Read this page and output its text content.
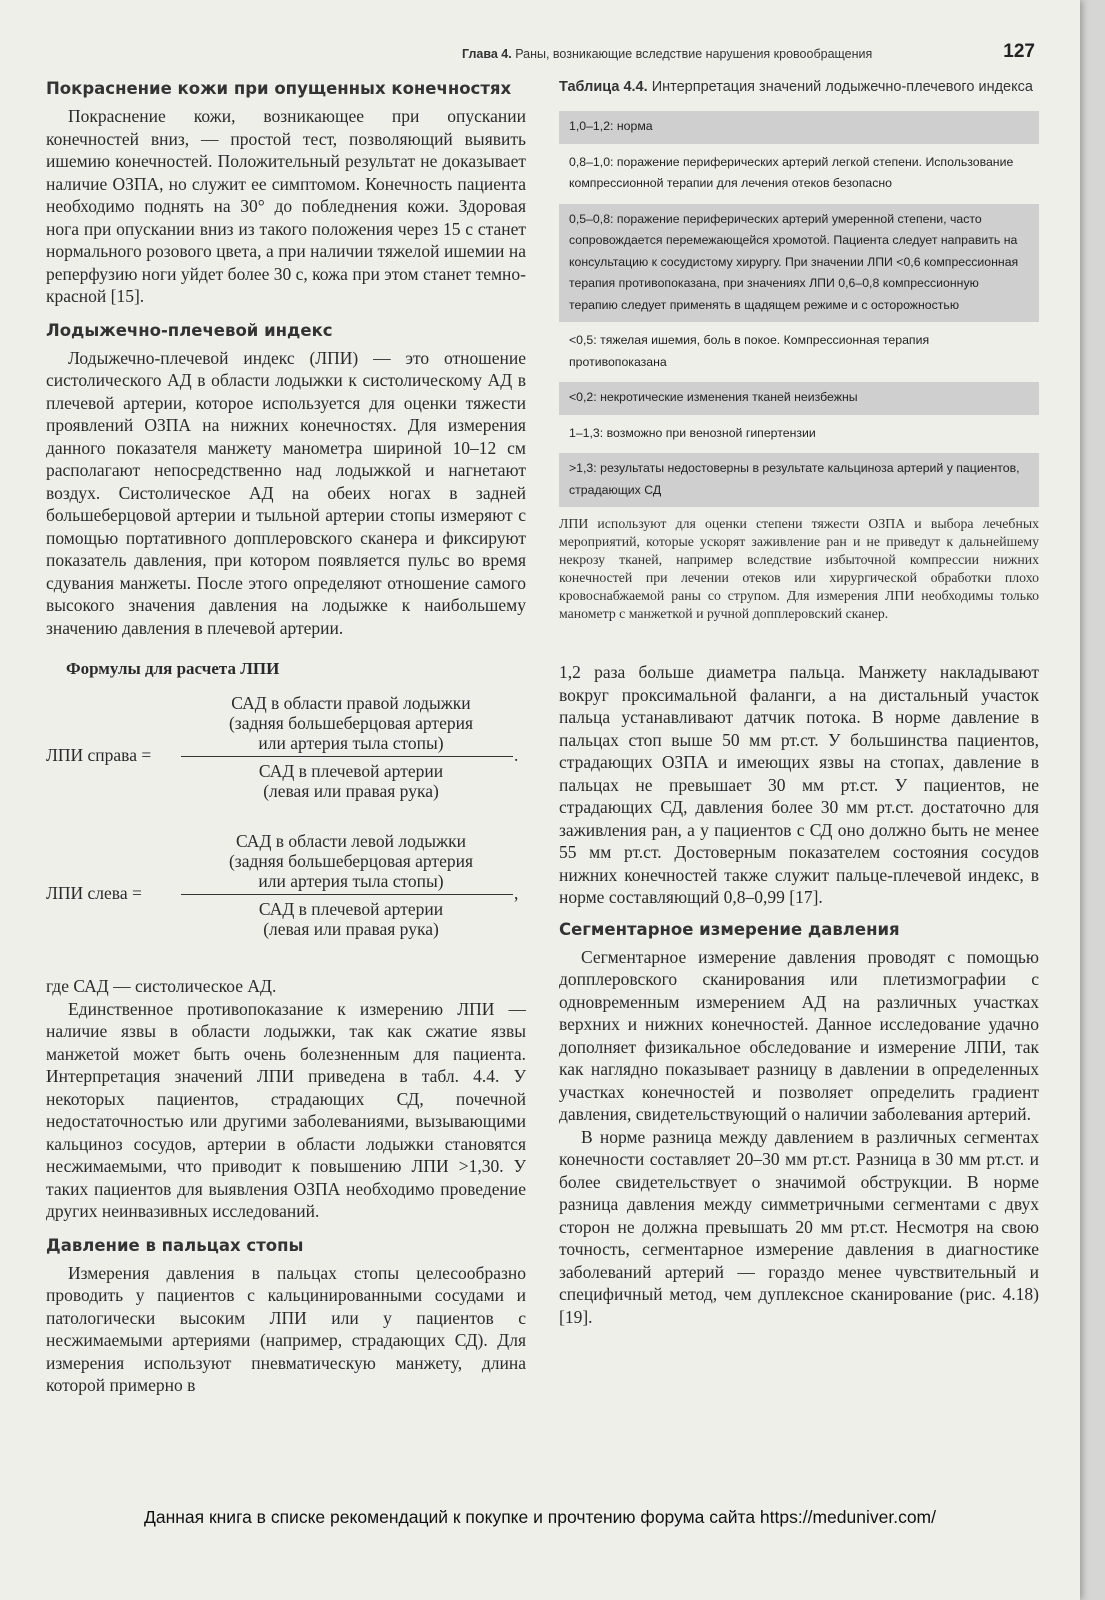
Глава 4. Раны, возникающие вследствие нарушения кровообращения	127
Покраснение кожи при опущенных конечностях

Покраснение кожи, возникающее при опускании конечностей вниз, — простой тест, позволяющий выявить ишемию конечностей. Положительный результат не доказывает наличие ОЗПА, но служит ее симптомом. Конечность пациента необходимо поднять на 30° до побледнения кожи. Здоровая нога при опускании вниз из такого положения через 15 с станет нормального розового цвета, а при наличии тяжелой ишемии на реперфузию ноги уйдет более 30 с, кожа при этом станет темно-красной [15].

Лодыжечно-плечевой индекс

Лодыжечно-плечевой индекс (ЛПИ) — это отношение систолического АД в области лодыжки к систолическому АД в плечевой артерии, которое используется для оценки тяжести проявлений ОЗПА на нижних конечностях. Для измерения данного показателя манжету манометра шириной 10–12 см располагают непосредственно над лодыжкой и нагнетают воздух. Систолическое АД на обеих ногах в задней большеберцовой артерии и тыльной артерии стопы измеряют с помощью портативного допплеровского сканера и фиксируют показатель давления, при котором появляется пульс во время сдувания манжеты. После этого определяют отношение самого высокого значения давления на лодыжке к наибольшему значению давления в плечевой артерии.

Формулы для расчета ЛПИ
САД в области правой лодыжки
(задняя большеберцовая артерия
или артерия тыла стопы)
ЛПИ справа =	.
САД в плечевой артерии
(левая или правая рука)
САД в области левой лодыжки
(задняя большеберцовая артерия
или артерия тыла стопы)
ЛПИ слева =	,
САД в плечевой артерии
(левая или правая рука)

где САД — систолическое АД.

Единственное противопоказание к измерению ЛПИ — наличие язвы в области лодыжки, так как сжатие язвы манжетой может быть очень болезненным для пациента. Интерпретация значений ЛПИ приведена в табл. 4.4. У некоторых пациентов, страдающих СД, почечной недостаточностью или другими заболеваниями, вызывающими кальциноз сосудов, артерии в области лодыжки становятся несжимаемыми, что приводит к повышению ЛПИ >1,30. У таких пациентов для выявления ОЗПА необходимо проведение других неинвазивных исследований.

Давление в пальцах стопы

Измерения давления в пальцах стопы целесообразно проводить у пациентов с кальцинированными сосудами и патологически высоким ЛПИ или у пациентов с несжимаемыми артериями (например, страдающих СД). Для измерения используют пневматическую манжету, длина которой примерно в

Таблица 4.4. Интерпретация значений лодыжечно-плечевого индекса
1,0–1,2: норма
0,8–1,0: поражение периферических артерий легкой степени. Использование компрессионной терапии для лечения отеков безопасно
0,5–0,8: поражение периферических артерий умеренной степени, часто сопровождается перемежающейся хромотой. Пациента следует направить на консультацию к сосудистому хирургу. При значении ЛПИ <0,6 компрессионная терапия противопоказана, при значениях ЛПИ 0,6–0,8 компрессионную терапию следует применять в щадящем режиме и с осторожностью
<0,5: тяжелая ишемия, боль в покое. Компрессионная терапия противопоказана
<0,2: некротические изменения тканей неизбежны
1–1,3: возможно при венозной гипертензии
>1,3: результаты недостоверны в результате кальциноза артерий у пациентов, страдающих СД

ЛПИ используют для оценки степени тяжести ОЗПА и выбора лечебных мероприятий, которые ускорят заживление ран и не приведут к дальнейшему некрозу тканей, например вследствие избыточной компрессии нижних конечностей при лечении отеков или хирургической обработки плохо кровоснабжаемой раны со струпом. Для измерения ЛПИ необходимы только манометр с манжеткой и ручной допплеровский сканер.

1,2 раза больше диаметра пальца. Манжету накладывают вокруг проксимальной фаланги, а на дистальный участок пальца устанавливают датчик потока. В норме давление в пальцах стоп выше 50 мм рт.ст. У большинства пациентов, страдающих ОЗПА и имеющих язвы на стопах, давление в пальцах не превышает 30 мм рт.ст. У пациентов, не страдающих СД, давления более 30 мм рт.ст. достаточно для заживления ран, а у пациентов с СД оно должно быть не менее 55 мм рт.ст. Достоверным показателем состояния сосудов нижних конечностей также служит пальце-плечевой индекс, в норме составляющий 0,8–0,99 [17].

Сегментарное измерение давления

Сегментарное измерение давления проводят с помощью допплеровского сканирования или плетизмографии с одновременным измерением АД на различных участках верхних и нижних конечностей. Данное исследование удачно дополняет физикальное обследование и измерение ЛПИ, так как наглядно показывает разницу в давлении в определенных участках конечностей и позволяет определить градиент давления, свидетельствующий о наличии заболевания артерий.

В норме разница между давлением в различных сегментах конечности составляет 20–30 мм рт.ст. Разница в 30 мм рт.ст. и более свидетельствует о значимой обструкции. В норме разница давления между симметричными сегментами с двух сторон не должна превышать 20 мм рт.ст. Несмотря на свою точность, сегментарное измерение давления в диагностике заболеваний артерий — гораздо менее чувствительный и специфичный метод, чем дуплексное сканирование (рис. 4.18) [19].

Данная книга в списке рекомендаций к покупке и прочтению форума сайта https://meduniver.com/
